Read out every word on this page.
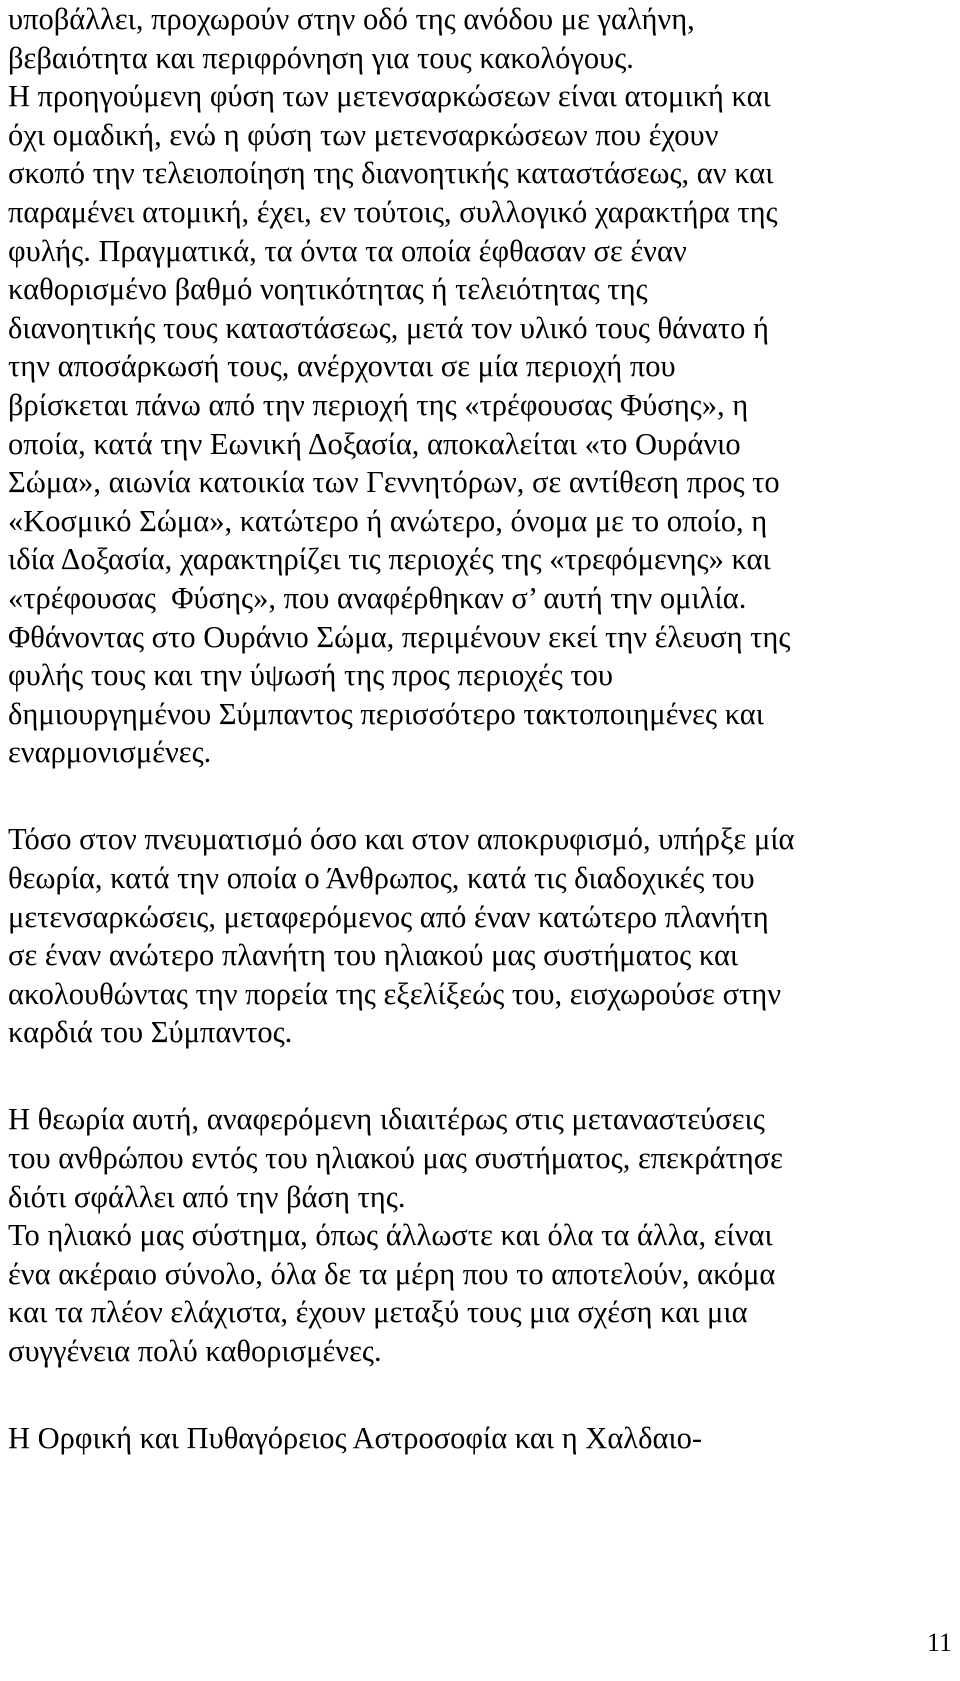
υποβάλλει, προχωρούν στην οδό της ανόδου με γαλήνη,
βεβαιότητα και περιφρόνηση για τους κακολόγους.
Η προηγούμενη φύση των μετενσαρκώσεων είναι ατομική και
όχι ομαδική, ενώ η φύση των μετενσαρκώσεων που έχουν
σκοπό την τελειοποίηση της διανοητικής καταστάσεως, αν και
παραμένει ατομική, έχει, εν τούτοις, συλλογικό χαρακτήρα της
φυλής. Πραγματικά, τα όντα τα οποία έφθασαν σε έναν
καθορισμένο βαθμό νοητικότητας ή τελειότητας της
διανοητικής τους καταστάσεως, μετά τον υλικό τους θάνατο ή
την αποσάρκωσή τους, ανέρχονται σε μία περιοχή που
βρίσκεται πάνω από την περιοχή της «τρέφουσας Φύσης», η
οποία, κατά την Εωνική Δοξασία, αποκαλείται «το Ουράνιο
Σώμα», αιωνία κατοικία των Γεννητόρων, σε αντίθεση προς το
«Κοσμικό Σώμα», κατώτερο ή ανώτερο, όνομα με το οποίο, η
ιδία Δοξασία, χαρακτηρίζει τις περιοχές της «τρεφόμενης» και
«τρέφουσας  Φύσης», που αναφέρθηκαν σ’ αυτή την ομιλία.
Φθάνοντας στο Ουράνιο Σώμα, περιμένουν εκεί την έλευση της
φυλής τους και την ύψωσή της προς περιοχές του
δημιουργημένου Σύμπαντος περισσότερο τακτοποιημένες και
εναρμονισμένες.
Τόσο στον πνευματισμό όσο και στον αποκρυφισμό, υπήρξε μία
θεωρία, κατά την οποία ο Άνθρωπος, κατά τις διαδοχικές του
μετενσαρκώσεις, μεταφερόμενος από έναν κατώτερο πλανήτη
σε έναν ανώτερο πλανήτη του ηλιακού μας συστήματος και
ακολουθώντας την πορεία της εξελίξεώς του, εισχωρούσε στην
καρδιά του Σύμπαντος.
Η θεωρία αυτή, αναφερόμενη ιδιαιτέρως στις μεταναστεύσεις
του ανθρώπου εντός του ηλιακού μας συστήματος, επεκράτησε
διότι σφάλλει από την βάση της.
Το ηλιακό μας σύστημα, όπως άλλωστε και όλα τα άλλα, είναι
ένα ακέραιο σύνολο, όλα δε τα μέρη που το αποτελούν, ακόμα
και τα πλέον ελάχιστα, έχουν μεταξύ τους μια σχέση και μια
συγγένεια πολύ καθορισμένες.
Η Ορφική και Πυθαγόρειος Αστροσοφία και η Χαλδαιο-
11
